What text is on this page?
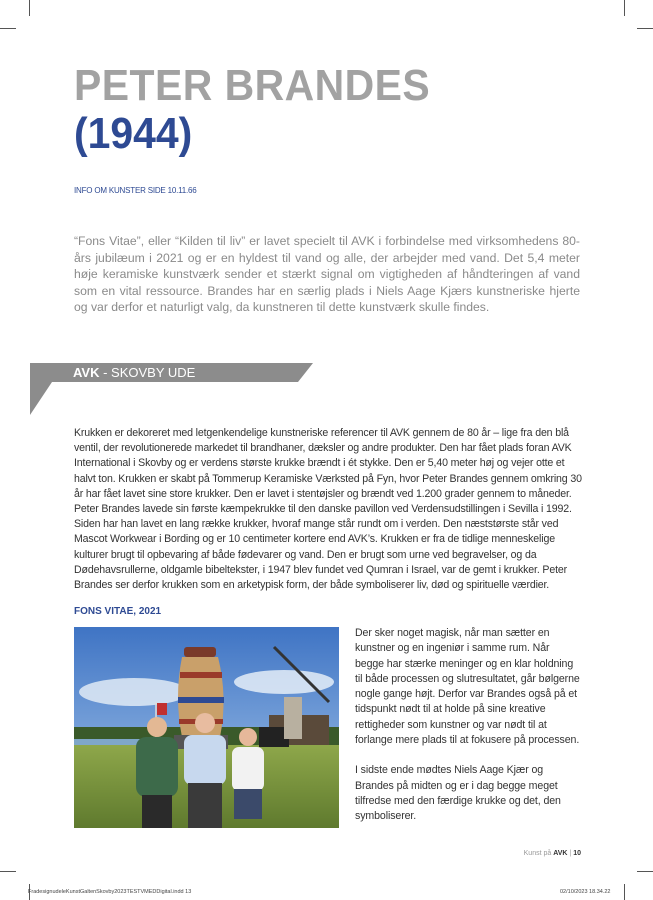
PETER BRANDES
(1944)
INFO OM KUNSTER SIDE 10.11.66

“Fons Vitae”, eller “Kilden til liv” er lavet specielt til AVK i forbindelse med virksomhedens 80-års jubilæum i 2021 og er en hyldest til vand og alle, der arbejder med vand. Det 5,4 meter høje keramiske kunstværk sender et stærkt signal om vigtigheden af håndteringen af vand som en vital ressource. Brandes har en særlig plads i Niels Aage Kjærs kunstneriske hjerte og var derfor et naturligt valg, da kunstneren til dette kunstværk skulle findes.

AVK - SKOVBY UDE

Krukken er dekoreret med letgenkendelige kunstneriske referencer til AVK gennem de 80 år – lige fra den blå ventil, der revolutionerede markedet til brandhaner, dæksler og andre produkter. Den har fået plads foran AVK International i Skovby og er verdens største krukke brændt i ét stykke. Den er 5,40 meter høj og vejer otte et halvt ton. Krukken er skabt på Tommerup Keramiske Værksted på Fyn, hvor Peter Brandes gennem omkring 30 år har fået lavet sine store krukker. Den er lavet i stentøjsler og brændt ved 1.200 grader gennem to måneder. Peter Brandes lavede sin første kæmpekrukke til den danske pavillon ved Verdensudstillingen i Sevilla i 1992. Siden har han lavet en lang række krukker, hvoraf mange står rundt om i verden. Den næststørste står ved Mascot Workwear i Bording og er 10 centimeter kortere end AVK’s. Krukken er fra de tidlige menneskelige kulturer brugt til opbevaring af både fødevarer og vand. Den er brugt som urne ved begravelser, og da Dødehavsrullerne, oldgamle bibeltekster, i 1947 blev fundet ved Qumran i Israel, var de gemt i krukker. Peter Brandes ser derfor krukken som en arketypisk form, der både symboliserer liv, død og spirituelle værdier.

FONS VITAE, 2021

Der sker noget magisk, når man sætter en kunstner og en ingeniør i samme rum. Når begge har stærke meninger og en klar holdning til både processen og slutresultatet, går bølgerne nogle gange højt. Derfor var Brandes også på et tidspunkt nødt til at holde på sine kreative rettigheder som kunstner og var nødt til at forlange mere plads til at fokusere på processen.

I sidste ende mødtes Niels Aage Kjær og Brandes på midten og er i dag begge meget tilfredse med den færdige krukke og det, den symboliserer.

Kunst på AVK | 10
FradesignudeleKunstGaltenSkovby2023TESTVMEDDigital.indd 13	02/10/2023 18.34.22
